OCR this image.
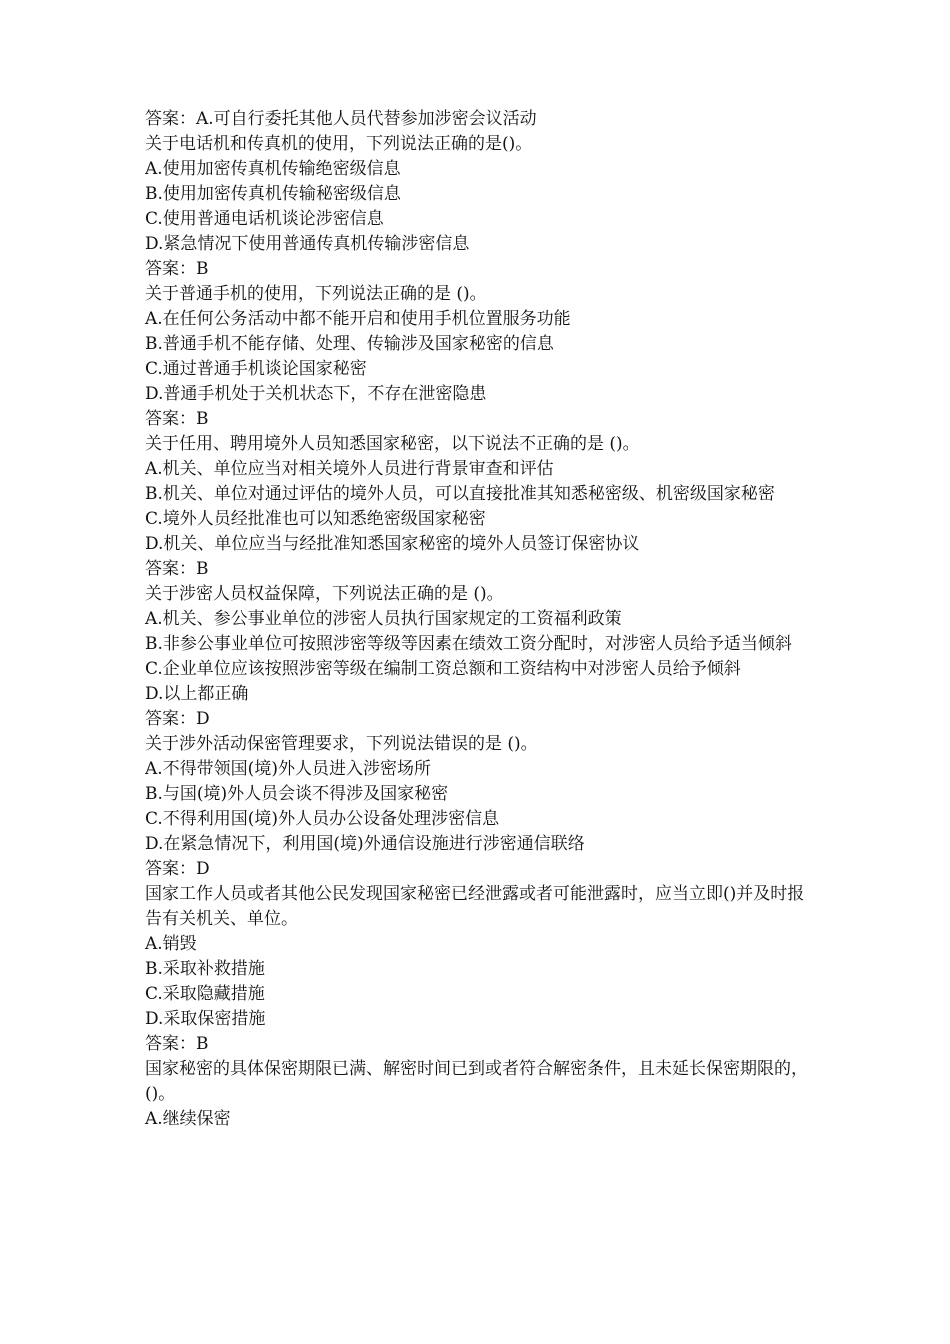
答案：A.可自行委托其他人员代替参加涉密会议活动
关于电话机和传真机的使用，下列说法正确的是()。
A.使用加密传真机传输绝密级信息
B.使用加密传真机传输秘密级信息
C.使用普通电话机谈论涉密信息
D.紧急情况下使用普通传真机传输涉密信息
答案：B
关于普通手机的使用，下列说法正确的是 ()。
A.在任何公务活动中都不能开启和使用手机位置服务功能
B.普通手机不能存储、处理、传输涉及国家秘密的信息
C.通过普通手机谈论国家秘密
D.普通手机处于关机状态下，不存在泄密隐患
答案：B
关于任用、聘用境外人员知悉国家秘密，以下说法不正确的是 ()。
A.机关、单位应当对相关境外人员进行背景审查和评估
B.机关、单位对通过评估的境外人员，可以直接批准其知悉秘密级、机密级国家秘密
C.境外人员经批准也可以知悉绝密级国家秘密
D.机关、单位应当与经批准知悉国家秘密的境外人员签订保密协议
答案：B
关于涉密人员权益保障，下列说法正确的是 ()。
A.机关、参公事业单位的涉密人员执行国家规定的工资福利政策
B.非参公事业单位可按照涉密等级等因素在绩效工资分配时，对涉密人员给予适当倾斜
C.企业单位应该按照涉密等级在编制工资总额和工资结构中对涉密人员给予倾斜
D.以上都正确
答案：D
关于涉外活动保密管理要求，下列说法错误的是 ()。
A.不得带领国(境)外人员进入涉密场所
B.与国(境)外人员会谈不得涉及国家秘密
C.不得利用国(境)外人员办公设备处理涉密信息
D.在紧急情况下，利用国(境)外通信设施进行涉密通信联络
答案：D
国家工作人员或者其他公民发现国家秘密已经泄露或者可能泄露时，应当立即()并及时报告有关机关、单位。
A.销毁
B.采取补救措施
C.采取隐藏措施
D.采取保密措施
答案：B
国家秘密的具体保密期限已满、解密时间已到或者符合解密条件，且未延长保密期限的，()。
A.继续保密
